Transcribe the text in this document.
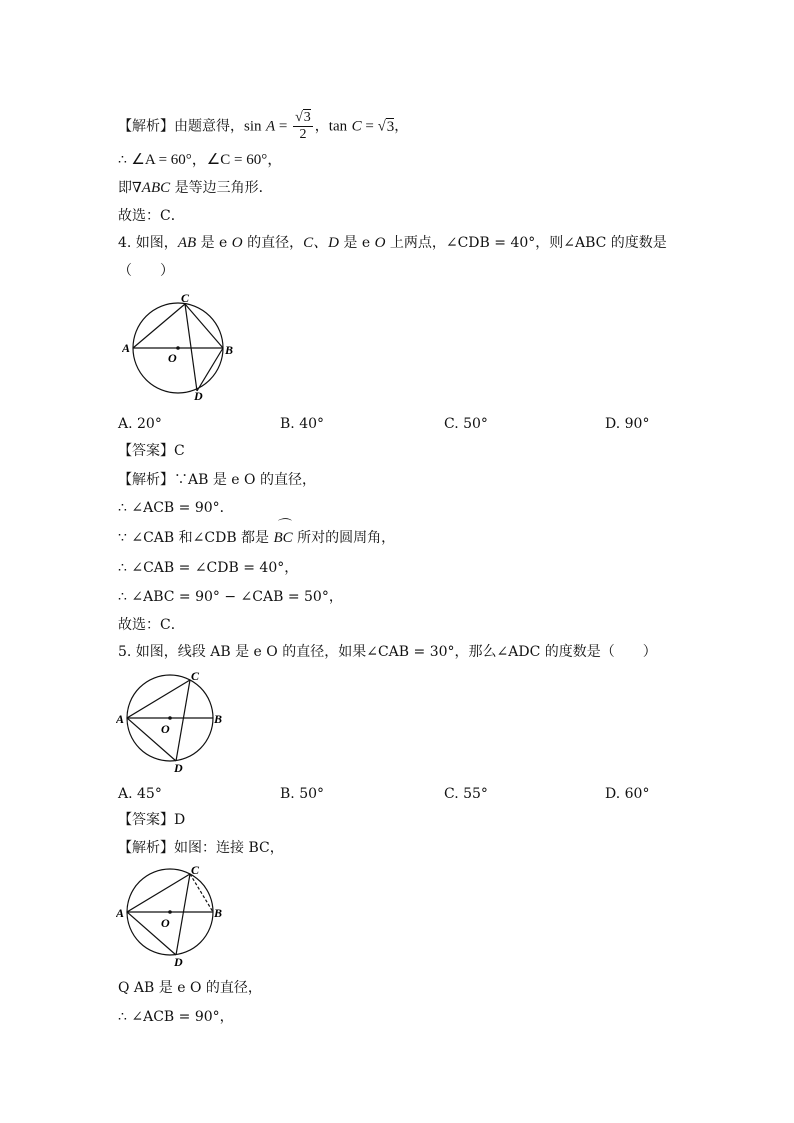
【解析】由题意得，$\sin A = \frac{√3}{2}$ ，tan C = √3，
∴ ∠A = 60°，∠C = 60°，
即∇ABC 是等边三角形．
故选：C．
4. 如图，AB 是 e O 的直径，C、D 是 e O 上两点，∠CDB = 40°，则∠ABC 的度数是
（　　）
A	B
C
D
O
A. 20°	B. 40°	C. 50°	D. 90°
【答案】C
【解析】∵AB 是 e O 的直径，
∴ ∠ACB = 90°．
∵ ∠CAB 和∠CDB 都是 ⌒ BC 所对的圆周角，
∴ ∠CAB = ∠CDB = 40°，
∴ ∠ABC = 90° − ∠CAB = 50°，
故选：C．
5. 如图，线段 AB 是 e O 的直径，如果∠CAB = 30°，那么∠ADC 的度数是（　　）
A	B
C
D
O
A. 45°	B. 50°	C. 55°	D. 60°
【答案】D
【解析】如图：连接 BC，
A	B
C
D
O
Q AB 是 e O 的直径，
∴ ∠ACB = 90°，
